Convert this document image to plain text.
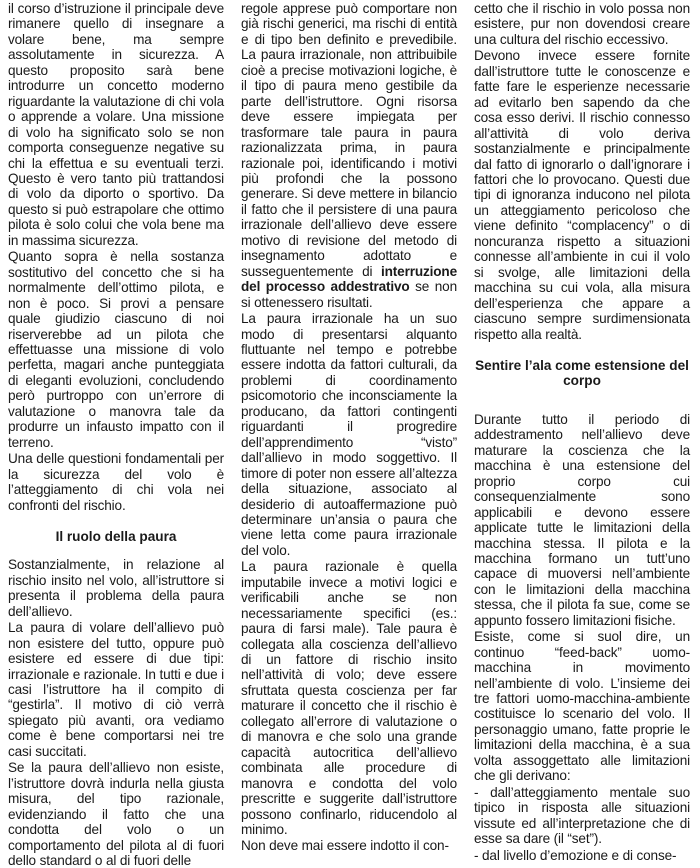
il corso d’istruzione il principale deve rimanere quello di insegnare a volare bene, ma sempre assolutamente in sicurezza. A questo proposito sarà bene introdurre un concetto moderno riguardante la valutazione di chi vola o apprende a volare. Una missione di volo ha significato solo se non comporta conseguenze negative su chi la effettua e su eventuali terzi. Questo è vero tanto più trattandosi di volo da diporto o sportivo. Da questo si può estrapolare che ottimo pilota è solo colui che vola bene ma in massima sicurezza.

Quanto sopra è nella sostanza sostitutivo del concetto che si ha normalmente dell’ottimo pilota, e non è poco. Si provi a pensare quale giudizio ciascuno di noi riserverebbe ad un pilota che effettuasse una missione di volo perfetta, magari anche punteggiata di eleganti evoluzioni, concludendo però purtroppo con un’errore di valutazione o manovra tale da produrre un infausto impatto con il terreno.

Una delle questioni fondamentali per la sicurezza del volo è l’atteggiamento di chi vola nei confronti del rischio.

Il ruolo della paura

Sostanzialmente, in relazione al rischio insito nel volo, all’istruttore si presenta il problema della paura dell’allievo.

La paura di volare dell’allievo può non esistere del tutto, oppure può esistere ed essere di due tipi: irrazionale e razionale. In tutti e due i casi l’istruttore ha il compito di “gestirla”. Il motivo di ciò verrà spiegato più avanti, ora vediamo come è bene comportarsi nei tre casi succitati.

Se la paura dell’allievo non esiste, l’istruttore dovrà indurla nella giusta misura, del tipo razionale, evidenziando il fatto che una condotta del volo o un comportamento del pilota al di fuori dello standard o al di fuori delle

regole apprese può comportare non già rischi generici, ma rischi di entità e di tipo ben definito e prevedibile. La paura irrazionale, non attribuibile cioè a precise motivazioni logiche, è il tipo di paura meno gestibile da parte dell’istruttore. Ogni risorsa deve essere impiegata per trasformare tale paura in paura razionalizzata prima, in paura razionale poi, identificando i motivi più profondi che la possono generare. Si deve mettere in bilancio il fatto che il persistere di una paura irrazionale dell’allievo deve essere motivo di revisione del metodo di insegnamento adottato e susseguentemente di interruzione del processo addestrativo se non si ottenessero risultati.

La paura irrazionale ha un suo modo di presentarsi alquanto fluttuante nel tempo e potrebbe essere indotta da fattori culturali, da problemi di coordinamento psicomotorio che inconsciamente la producano, da fattori contingenti riguardanti il progredire dell’apprendimento “visto” dall’allievo in modo soggettivo. Il timore di poter non essere all’altezza della situazione, associato al desiderio di autoaffermazione può determinare un’ansia o paura che viene letta come paura irrazionale del volo.

La paura razionale è quella imputabile invece a motivi logici e verificabili anche se non necessariamente specifici (es.: paura di farsi male). Tale paura è collegata alla coscienza dell’allievo di un fattore di rischio insito nell’attività di volo; deve essere sfruttata questa coscienza per far maturare il concetto che il rischio è collegato all’errore di valutazione o di manovra e che solo una grande capacità autocritica dell’allievo combinata alle procedure di manovra e condotta del volo prescritte e suggerite dall’istruttore possono confinarlo, riducendolo al minimo.

Non deve mai essere indotto il con-

cetto che il rischio in volo possa non esistere, pur non dovendosi creare una cultura del rischio eccessivo.

Devono invece essere fornite dall’istruttore tutte le conoscenze e fatte fare le esperienze necessarie ad evitarlo ben sapendo da che cosa esso derivi. Il rischio connesso all’attività di volo deriva sostanzialmente e principalmente dal fatto di ignorarlo o dall’ignorare i fattori che lo provocano. Questi due tipi di ignoranza inducono nel pilota un atteggiamento pericoloso che viene definito “complacency” o di noncuranza rispetto a situazioni connesse all’ambiente in cui il volo si svolge, alle limitazioni della macchina su cui vola, alla misura dell’esperienza che appare a ciascuno sempre surdimensionata rispetto alla realtà.

Sentire l’ala come estensione del corpo

Durante tutto il periodo di addestramento nell’allievo deve maturare la coscienza che la macchina è una estensione del proprio corpo cui consequenzialmente sono applicabili e devono essere applicate tutte le limitazioni della macchina stessa. Il pilota e la macchina formano un tutt’uno capace di muoversi nell’ambiente con le limitazioni della macchina stessa, che il pilota fa sue, come se appunto fossero limitazioni fisiche.

Esiste, come si suol dire, un continuo “feed-back” uomo-macchina in movimento nell’ambiente di volo. L’insieme dei tre fattori uomo-macchina-ambiente costituisce lo scenario del volo. Il personaggio umano, fatte proprie le limitazioni della macchina, è a sua volta assoggettato alle limitazioni che gli derivano:

- dall’atteggiamento mentale suo tipico in risposta alle situazioni vissute ed all’interpretazione che di esse sa dare (il “set”).

- dal livello d’emozione e di conse-
